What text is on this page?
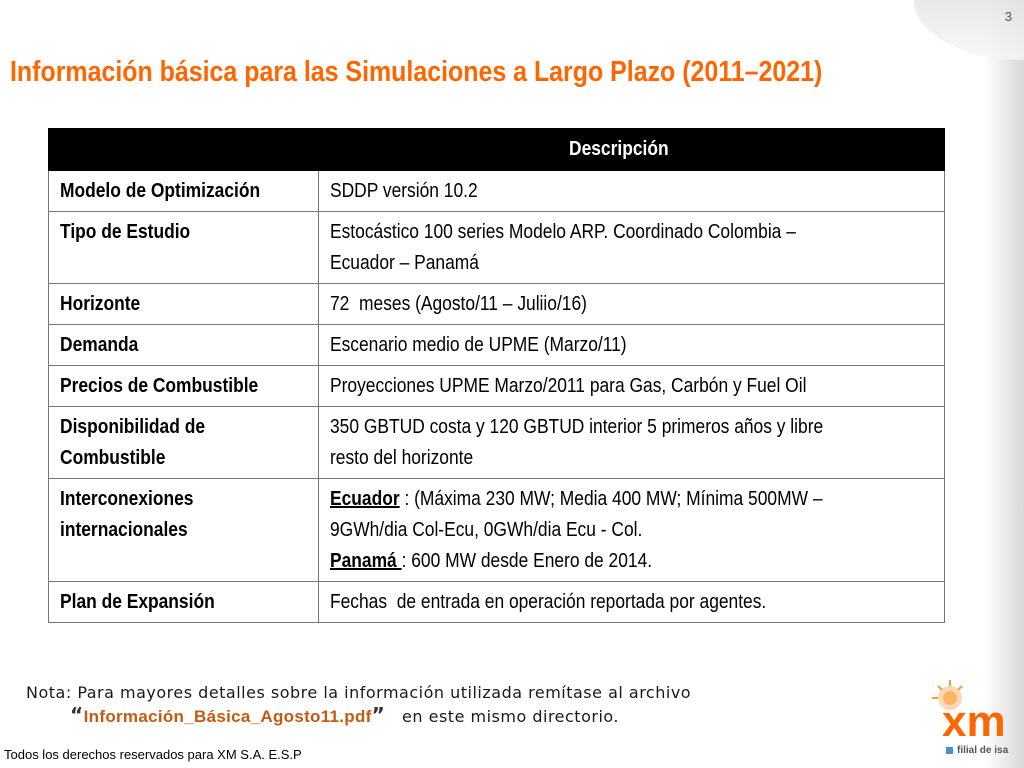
3
Información básica para las Simulaciones a Largo Plazo (2011–2021)
	Descripción
Modelo de Optimización	SDDP versión 10.2
Tipo de Estudio	Estocástico 100 series Modelo ARP. Coordinado Colombia –
Ecuador – Panamá
Horizonte	72  meses (Agosto/11 – Juliio/16)
Demanda	Escenario medio de UPME (Marzo/11)
Precios de Combustible	Proyecciones UPME Marzo/2011 para Gas, Carbón y Fuel Oil
Disponibilidad de
Combustible	350 GBTUD costa y 120 GBTUD interior 5 primeros años y libre
resto del horizonte
Interconexiones
internacionales	Ecuador : (Máxima 230 MW; Media 400 MW; Mínima 500MW –
9GWh/dia Col-Ecu, 0GWh/dia Ecu - Col.
Panamá : 600 MW desde Enero de 2014.
Plan de Expansión	Fechas  de entrada en operación reportada por agentes.
Nota: Para mayores detalles sobre la información utilizada remítase al archivo
“Información_Básica_Agosto11.pdf”   en este mismo directorio.
Todos los derechos reservados para XM S.A. E.S.P
xm
filial de isa
